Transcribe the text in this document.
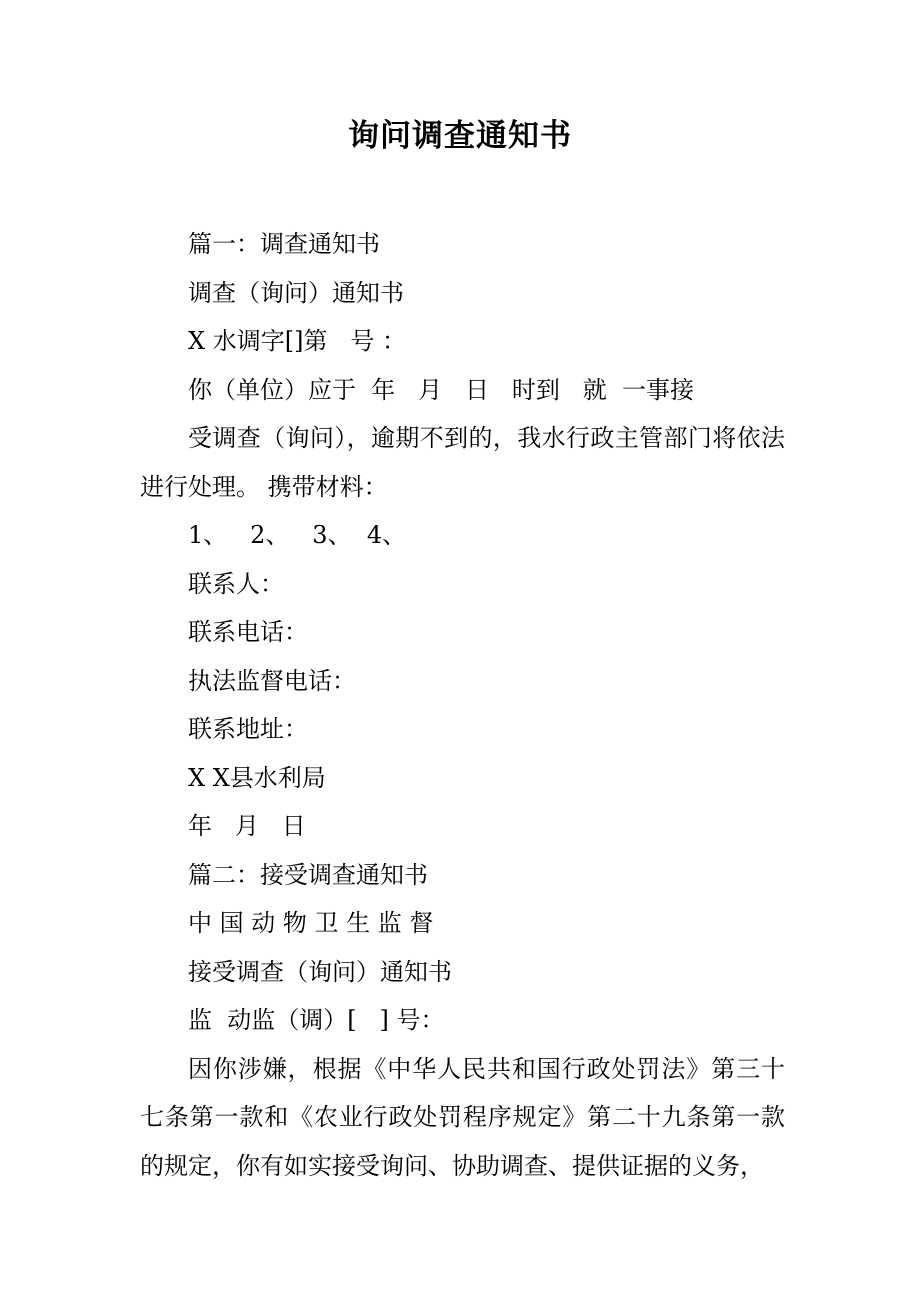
询问调查通知书

篇一：调查通知书

调查（询问）通知书

X 水调字[]第   号 ：

你（单位）应于  年   月   日   时到   就  一事接

受调查（询问），逾期不到的，我水行政主管部门将依法进行处理。 携带材料：

1、   2、   3、  4、

联系人：

联系电话：

执法监督电话：

联系地址：

X X县水利局

年   月   日

篇二：接受调查通知书

中 国 动 物 卫 生 监 督

接受调查（询问）通知书

监  动监（调）[   ] 号：

因你涉嫌，根据《中华人民共和国行政处罚法》第三十七条第一款和《农业行政处罚程序规定》第二十九条第一款的规定，你有如实接受询问、协助调查、提供证据的义务，
